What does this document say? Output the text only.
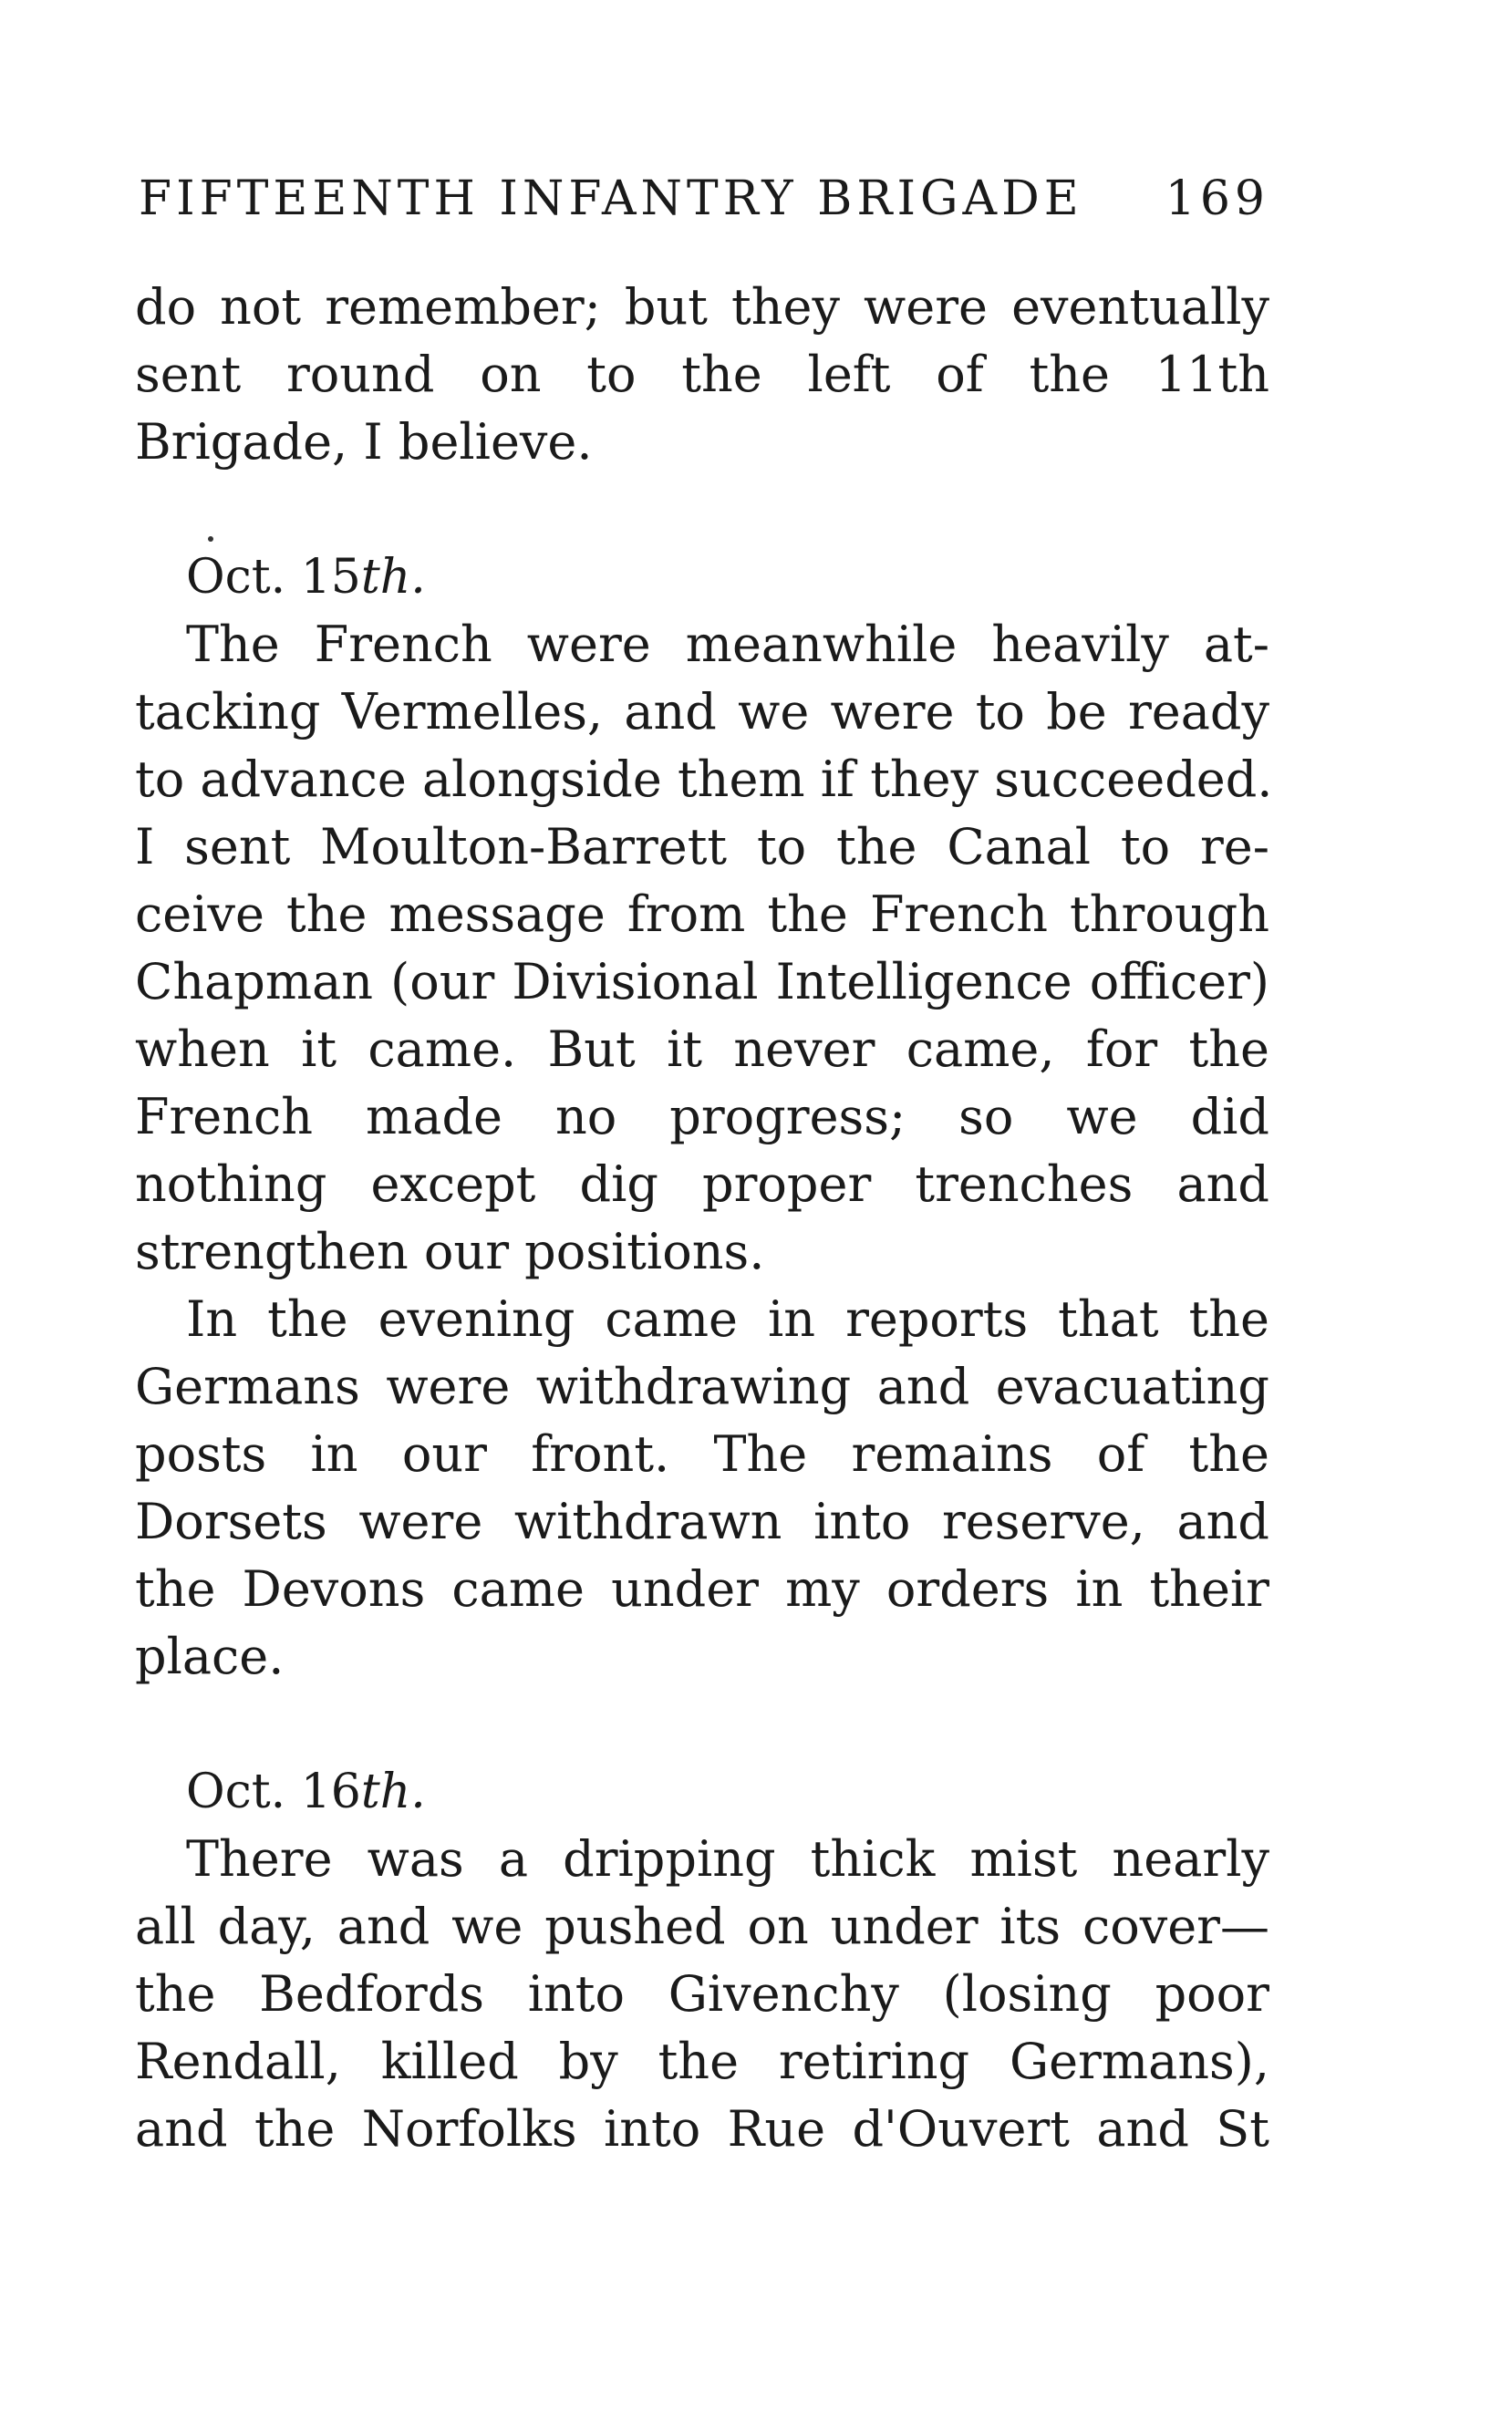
FIFTEENTH INFANTRY BRIGADE 169
do not remember; but they were eventually
sent round on to the left of the 11th
Brigade, I believe.
Oct. 15th.
The French were meanwhile heavily at-
tacking Vermelles, and we were to be ready
to advance alongside them if they succeeded.
I sent Moulton-Barrett to the Canal to re-
ceive the message from the French through
Chapman (our Divisional Intelligence officer)
when it came. But it never came, for the
French made no progress; so we did
nothing except dig proper trenches and
strengthen our positions.
In the evening came in reports that the
Germans were withdrawing and evacuating
posts in our front. The remains of the
Dorsets were withdrawn into reserve, and
the Devons came under my orders in their
place.
Oct. 16th.
There was a dripping thick mist nearly
all day, and we pushed on under its cover—
the Bedfords into Givenchy (losing poor
Rendall, killed by the retiring Germans),
and the Norfolks into Rue d'Ouvert and St
